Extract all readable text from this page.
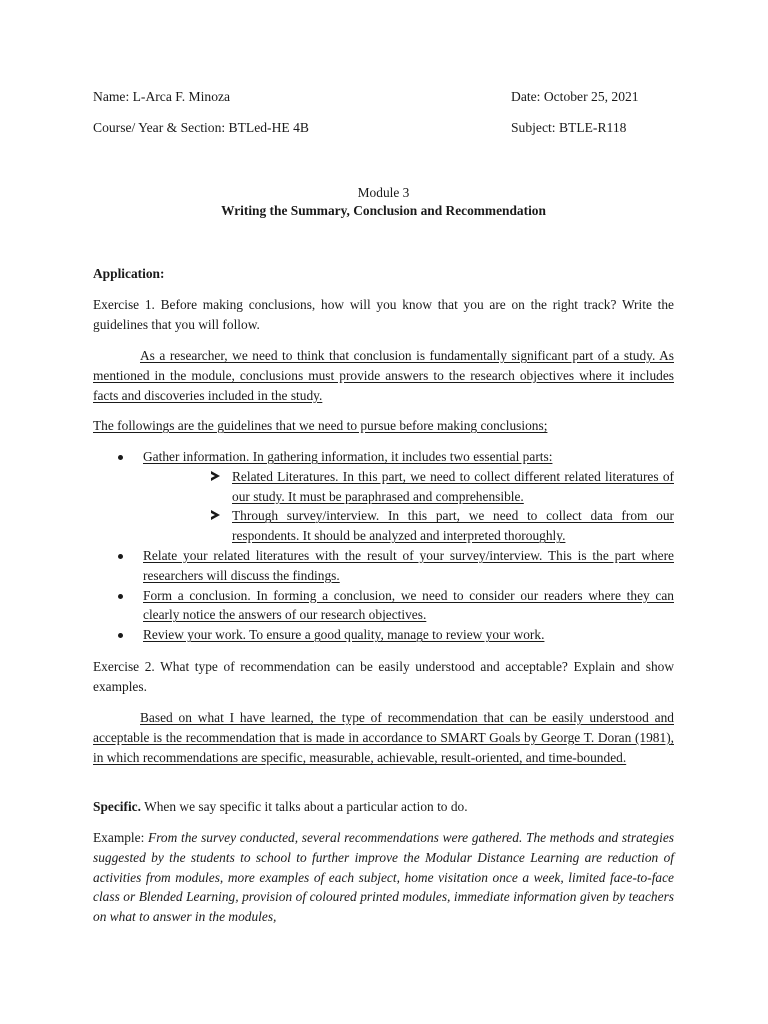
Name: L-Arca F. Minoza	Date: October 25, 2021
Course/ Year & Section: BTLed-HE 4B	Subject: BTLE-R118
Module 3
Writing the Summary, Conclusion and Recommendation
Application:

Exercise 1. Before making conclusions, how will you know that you are on the right track? Write the guidelines that you will follow.

As a researcher, we need to think that conclusion is fundamentally significant part of a study. As mentioned in the module, conclusions must provide answers to the research objectives where it includes facts and discoveries included in the study.

The followings are the guidelines that we need to pursue before making conclusions;

Gather information. In gathering information, it includes two essential parts:
Related Literatures. In this part, we need to collect different related literatures of our study. It must be paraphrased and comprehensible.
Through survey/interview. In this part, we need to collect data from our respondents. It should be analyzed and interpreted thoroughly.
Relate your related literatures with the result of your survey/interview. This is the part where researchers will discuss the findings.
Form a conclusion. In forming a conclusion, we need to consider our readers where they can clearly notice the answers of our research objectives.
Review your work. To ensure a good quality, manage to review your work.

Exercise 2. What type of recommendation can be easily understood and acceptable? Explain and show examples.

Based on what I have learned, the type of recommendation that can be easily understood and acceptable is the recommendation that is made in accordance to SMART Goals by George T. Doran (1981), in which recommendations are specific, measurable, achievable, result-oriented, and time-bounded.

Specific. When we say specific it talks about a particular action to do.

Example: From the survey conducted, several recommendations were gathered. The methods and strategies suggested by the students to school to further improve the Modular Distance Learning are reduction of activities from modules, more examples of each subject, home visitation once a week, limited face-to-face class or Blended Learning, provision of coloured printed modules, immediate information given by teachers on what to answer in the modules,
